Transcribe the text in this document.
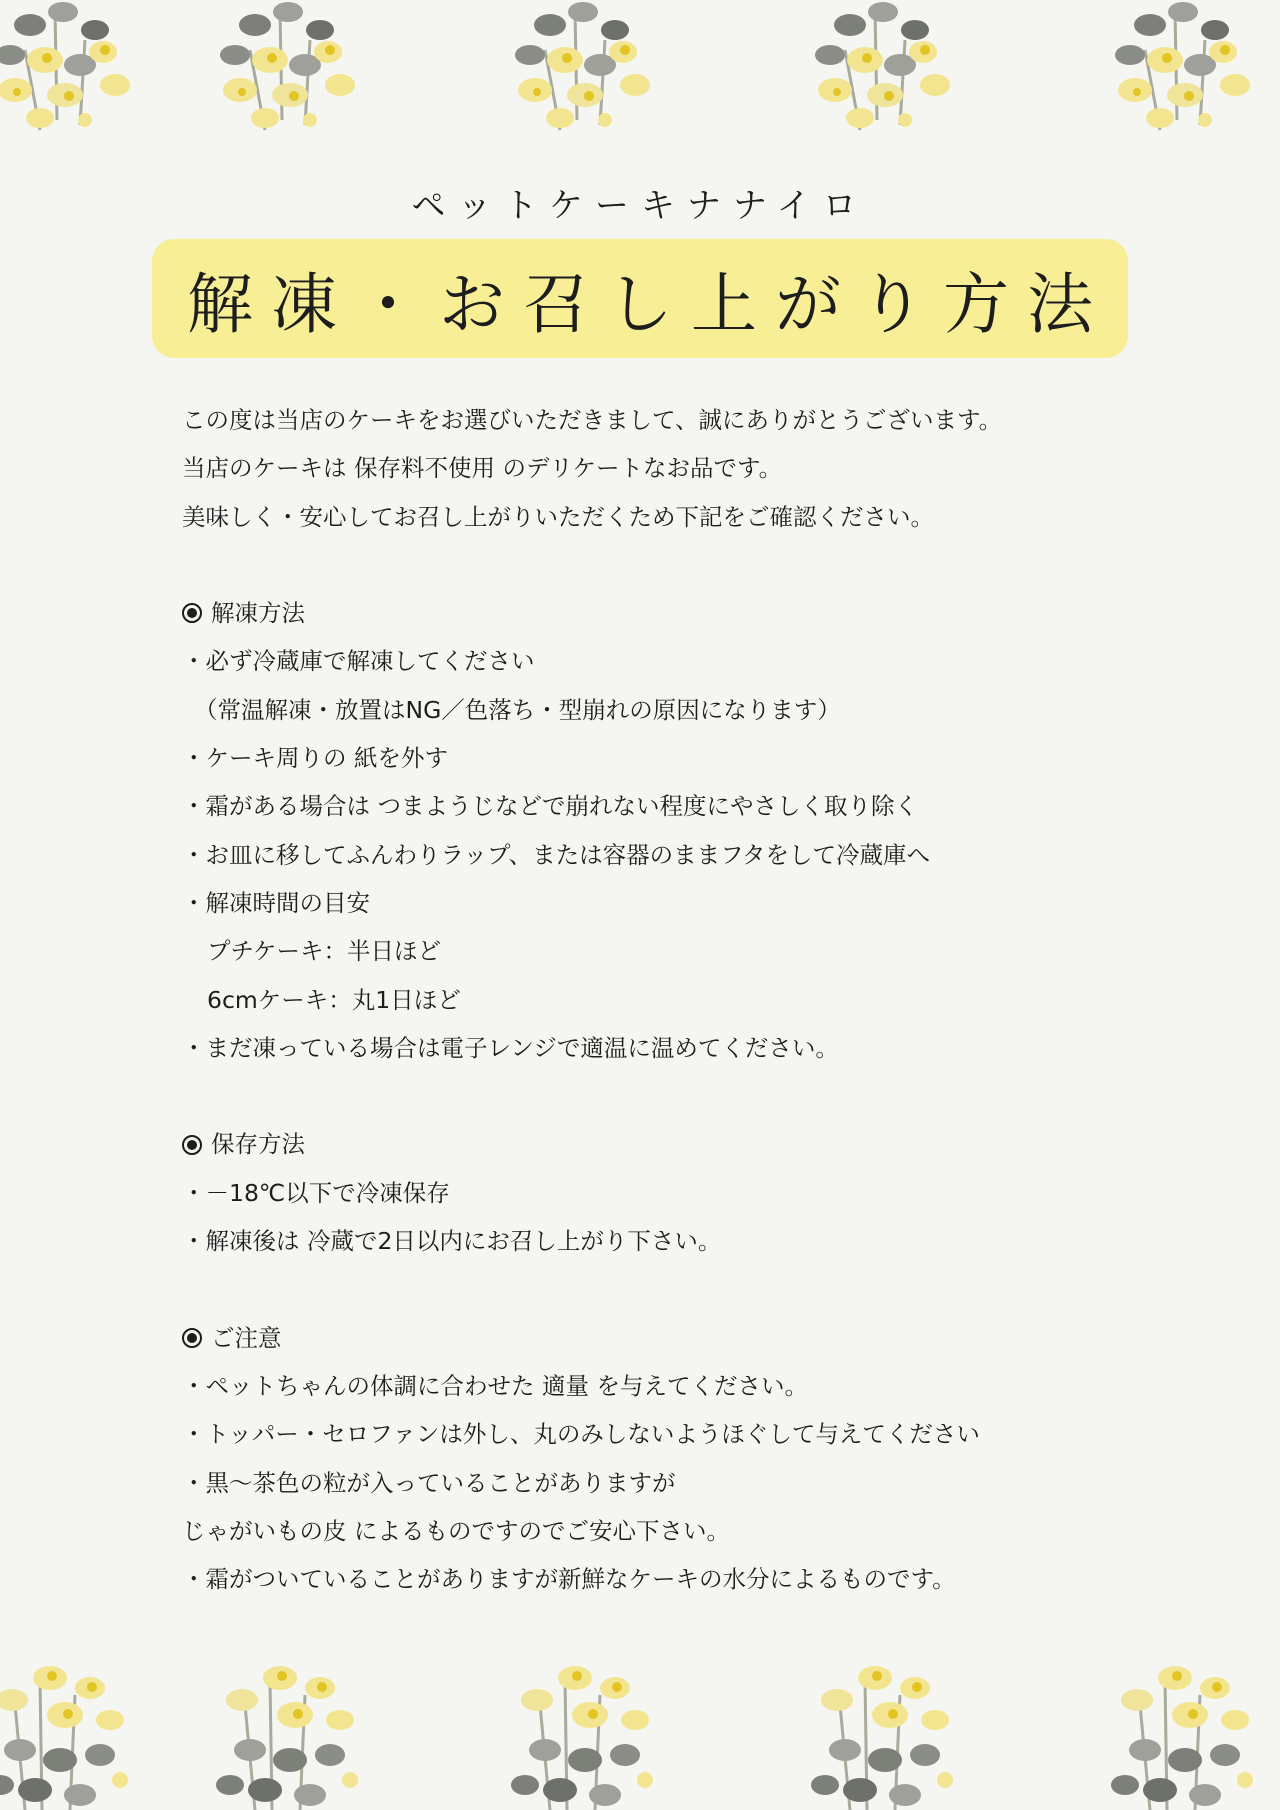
ペットケーキナナイロ
解凍・お召し上がり方法
この度は当店のケーキをお選びいただきまして、誠にありがとうございます。
当店のケーキは 保存料不使用 のデリケートなお品です。
美味しく・安心してお召し上がりいただくため下記をご確認ください。
解凍方法
・必ず冷蔵庫で解凍してください
（常温解凍・放置はNG／色落ち・型崩れの原因になります）
・ケーキ周りの 紙を外す
・霜がある場合は つまようじなどで崩れない程度にやさしく取り除く
・お皿に移してふんわりラップ、または容器のままフタをして冷蔵庫へ
・解凍時間の目安
プチケーキ：半日ほど
6cmケーキ：丸1日ほど
・まだ凍っている場合は電子レンジで適温に温めてください。
保存方法
・－18℃以下で冷凍保存
・解凍後は 冷蔵で2日以内にお召し上がり下さい。
ご注意
・ペットちゃんの体調に合わせた 適量 を与えてください。
・トッパー・セロファンは外し、丸のみしないようほぐして与えてください
・黒～茶色の粒が入っていることがありますが
じゃがいもの皮 によるものですのでご安心下さい。
・霜がついていることがありますが新鮮なケーキの水分によるものです。
